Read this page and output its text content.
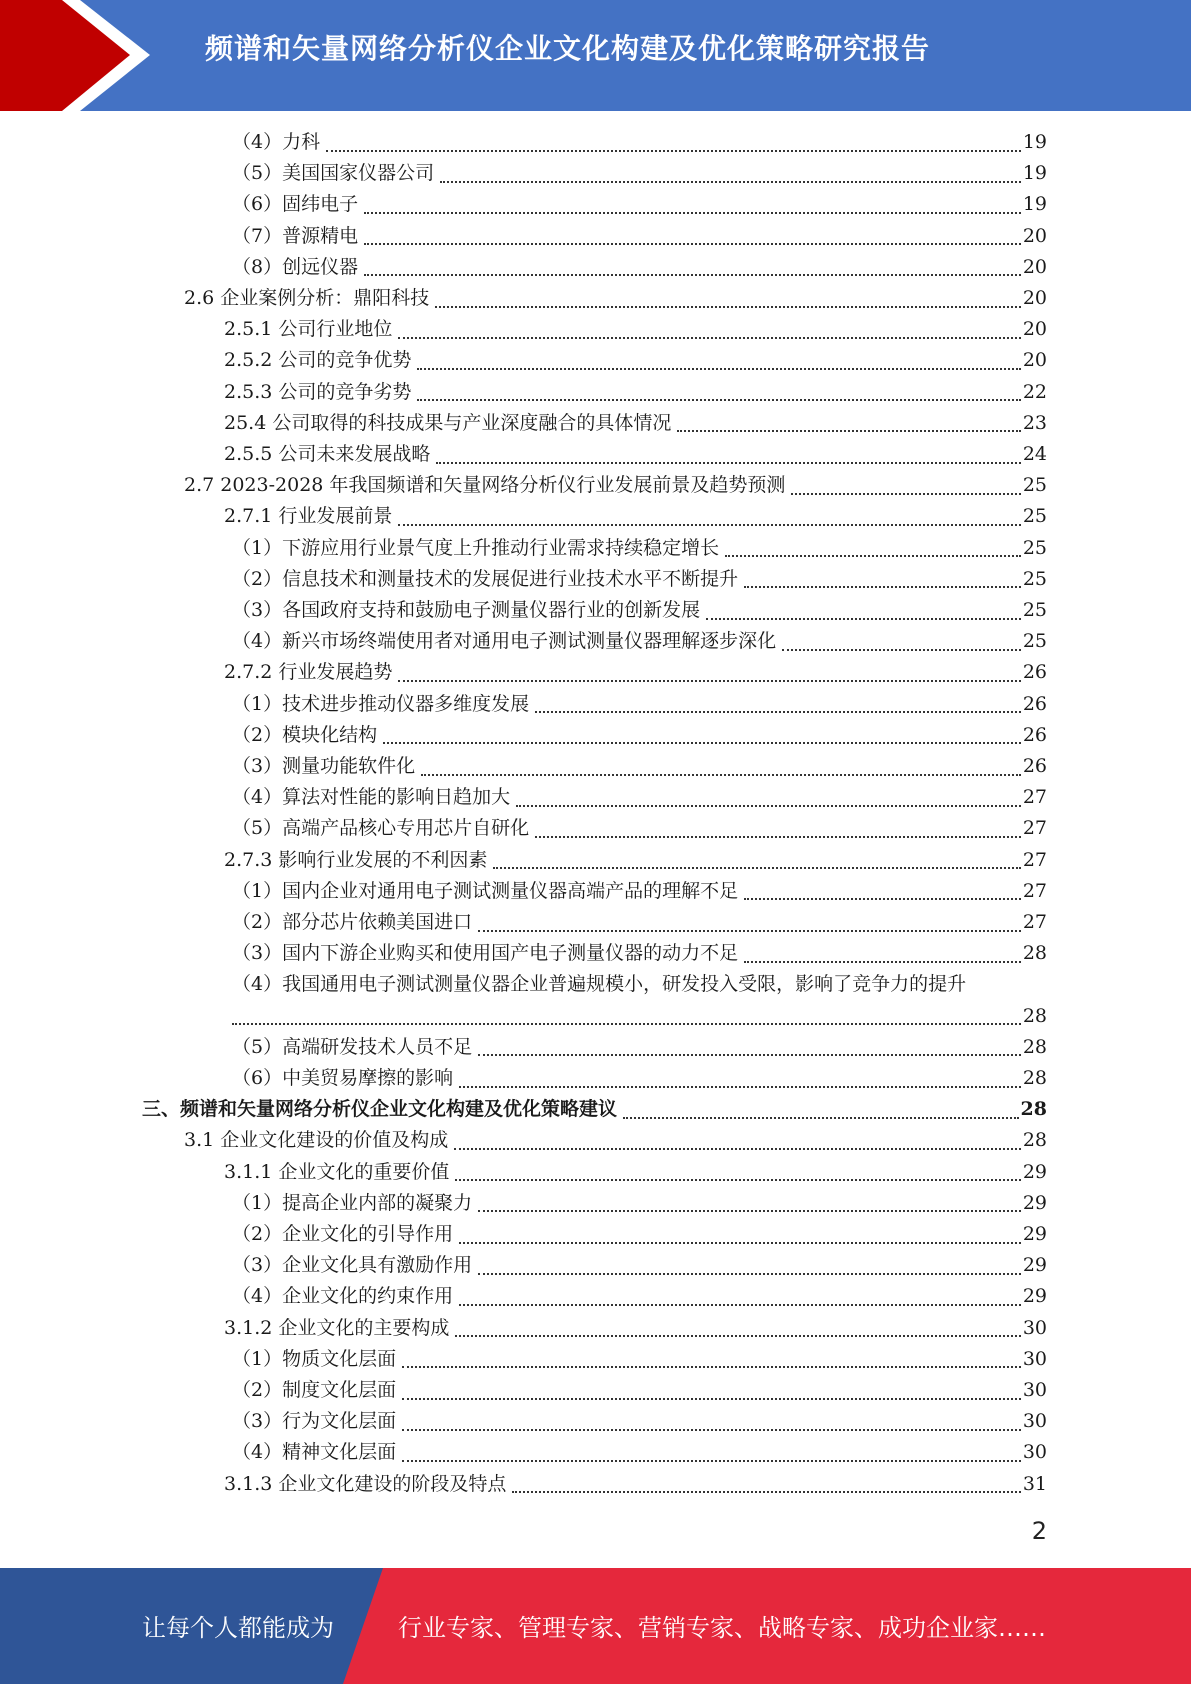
频谱和矢量网络分析仪企业文化构建及优化策略研究报告
（4）力科	19
（5）美国国家仪器公司	19
（6）固纬电子	19
（7）普源精电	20
（8）创远仪器	20
2.6 企业案例分析：鼎阳科技	20
2.5.1 公司行业地位	20
2.5.2 公司的竞争优势	20
2.5.3 公司的竞争劣势	22
25.4 公司取得的科技成果与产业深度融合的具体情况	23
2.5.5 公司未来发展战略	24
2.7 2023-2028 年我国频谱和矢量网络分析仪行业发展前景及趋势预测	25
2.7.1 行业发展前景	25
（1）下游应用行业景气度上升推动行业需求持续稳定增长	25
（2）信息技术和测量技术的发展促进行业技术水平不断提升	25
（3）各国政府支持和鼓励电子测量仪器行业的创新发展	25
（4）新兴市场终端使用者对通用电子测试测量仪器理解逐步深化	25
2.7.2 行业发展趋势	26
（1）技术进步推动仪器多维度发展	26
（2）模块化结构	26
（3）测量功能软件化	26
（4）算法对性能的影响日趋加大	27
（5）高端产品核心专用芯片自研化	27
2.7.3 影响行业发展的不利因素	27
（1）国内企业对通用电子测试测量仪器高端产品的理解不足	27
（2）部分芯片依赖美国进口	27
（3）国内下游企业购买和使用国产电子测量仪器的动力不足	28
（4）我国通用电子测试测量仪器企业普遍规模小，研发投入受限，影响了竞争力的提升
28
（5）高端研发技术人员不足	28
（6）中美贸易摩擦的影响	28
三、频谱和矢量网络分析仪企业文化构建及优化策略建议	28
3.1 企业文化建设的价值及构成	28
3.1.1 企业文化的重要价值	29
（1）提高企业内部的凝聚力	29
（2）企业文化的引导作用	29
（3）企业文化具有激励作用	29
（4）企业文化的约束作用	29
3.1.2 企业文化的主要构成	30
（1）物质文化层面	30
（2）制度文化层面	30
（3）行为文化层面	30
（4）精神文化层面	30
3.1.3 企业文化建设的阶段及特点	31
2
让每个人都能成为	行业专家、管理专家、营销专家、战略专家、成功企业家……
